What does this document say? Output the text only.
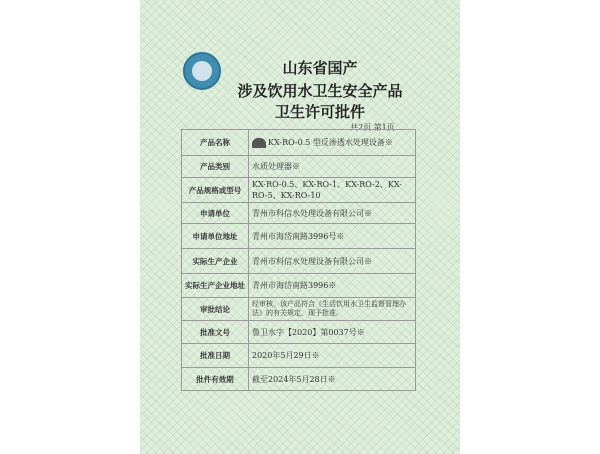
山东省国产
涉及饮用水卫生安全产品
卫生许可批件
共2页 第1页
产品名称	KX-RO-0.5 型反渗透水处理设备※
产品类别	水质处理器※
产品规格或型号	KX-RO-0.5、KX-RO-1、KX-RO-2、KX-RO-5、KX-RO-10
申请单位	青州市科信水处理设备有限公司※
申请单位地址	青州市海岱南路3996号※
实际生产企业	青州市科信水处理设备有限公司※
实际生产企业地址	青州市海岱南路3996※
审批结论	经审核，该产品符合《生活饮用水卫生监督管理办法》的有关规定，现予批准。
批准文号	鲁卫水字【2020】第0037号※
批准日期	2020年5月29日※
批件有效期	截至2024年5月28日※
